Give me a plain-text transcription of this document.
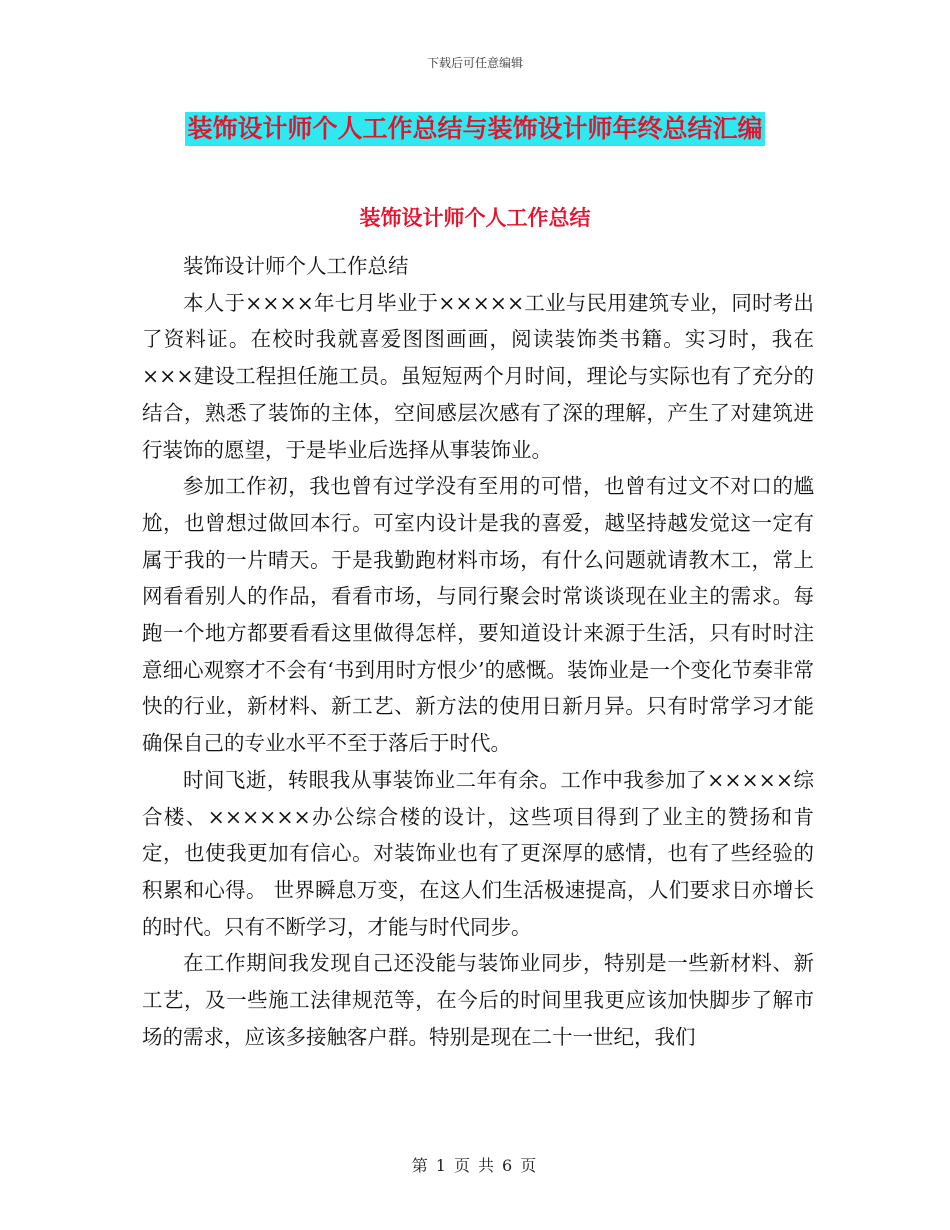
下载后可任意编辑
装饰设计师个人工作总结与装饰设计师年终总结汇编
装饰设计师个人工作总结

装饰设计师个人工作总结

本人于××××年七月毕业于×××××工业与民用建筑专业，同时考出了资料证。在校时我就喜爱图图画画，阅读装饰类书籍。实习时，我在×××建设工程担任施工员。虽短短两个月时间，理论与实际也有了充分的结合，熟悉了装饰的主体，空间感层次感有了深的理解，产生了对建筑进行装饰的愿望，于是毕业后选择从事装饰业。

参加工作初，我也曾有过学没有至用的可惜，也曾有过文不对口的尴尬，也曾想过做回本行。可室内设计是我的喜爱，越坚持越发觉这一定有属于我的一片晴天。于是我勤跑材料市场，有什么问题就请教木工，常上网看看别人的作品，看看市场，与同行聚会时常谈谈现在业主的需求。每跑一个地方都要看看这里做得怎样，要知道设计来源于生活，只有时时注意细心观察才不会有‘书到用时方恨少’的感慨。装饰业是一个变化节奏非常快的行业，新材料、新工艺、新方法的使用日新月异。只有时常学习才能确保自己的专业水平不至于落后于时代。

时间飞逝，转眼我从事装饰业二年有余。工作中我参加了×××××综合楼、××××××办公综合楼的设计，这些项目得到了业主的赞扬和肯定，也使我更加有信心。对装饰业也有了更深厚的感情，也有了些经验的积累和心得。 世界瞬息万变，在这人们生活极速提高，人们要求日亦增长的时代。只有不断学习，才能与时代同步。

在工作期间我发现自己还没能与装饰业同步，特别是一些新材料、新工艺，及一些施工法律规范等，在今后的时间里我更应该加快脚步了解市场的需求，应该多接触客户群。特别是现在二十一世纪，我们

第 1 页 共 6 页
